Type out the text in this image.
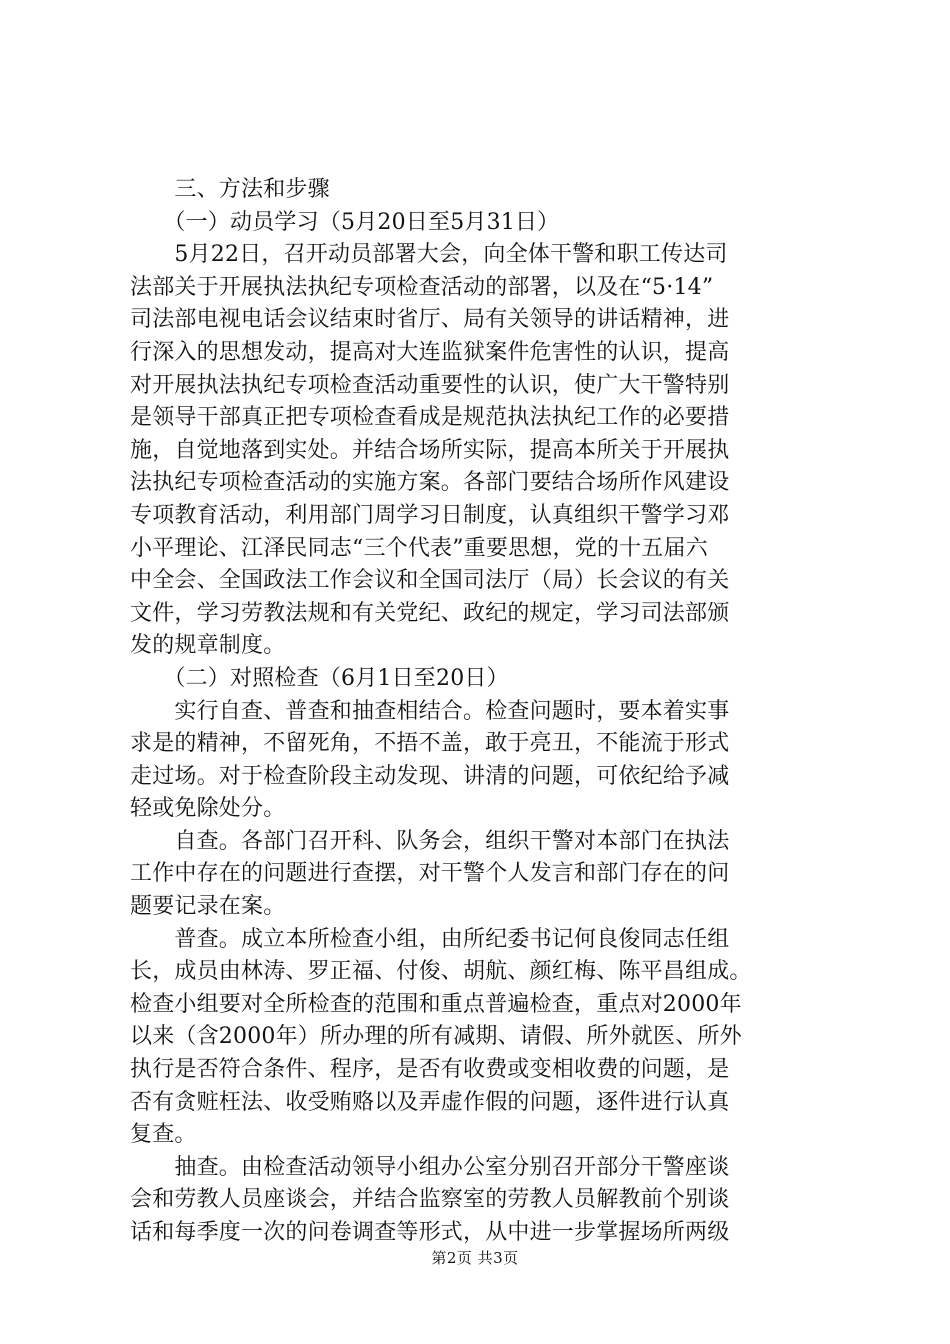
　　三、方法和步骤
　　（一）动员学习（5月20日至5月31日）
　　5月22日，召开动员部署大会，向全体干警和职工传达司
法部关于开展执法执纪专项检查活动的部署，以及在“5·14”
司法部电视电话会议结束时省厅、局有关领导的讲话精神，进
行深入的思想发动，提高对大连监狱案件危害性的认识，提高
对开展执法执纪专项检查活动重要性的认识，使广大干警特别
是领导干部真正把专项检查看成是规范执法执纪工作的必要措
施，自觉地落到实处。并结合场所实际，提高本所关于开展执
法执纪专项检查活动的实施方案。各部门要结合场所作风建设
专项教育活动，利用部门周学习日制度，认真组织干警学习邓
小平理论、江泽民同志“三个代表”重要思想，党的十五届六
中全会、全国政法工作会议和全国司法厅（局）长会议的有关
文件，学习劳教法规和有关党纪、政纪的规定，学习司法部颁
发的规章制度。
　　（二）对照检查（6月1日至20日）
　　实行自查、普查和抽查相结合。检查问题时，要本着实事
求是的精神，不留死角，不捂不盖，敢于亮丑，不能流于形式
走过场。对于检查阶段主动发现、讲清的问题，可依纪给予减
轻或免除处分。
　　自查。各部门召开科、队务会，组织干警对本部门在执法
工作中存在的问题进行查摆，对干警个人发言和部门存在的问
题要记录在案。
　　普查。成立本所检查小组，由所纪委书记何良俊同志任组
长，成员由林涛、罗正福、付俊、胡航、颜红梅、陈平昌组成。
检查小组要对全所检查的范围和重点普遍检查，重点对2000年
以来（含2000年）所办理的所有减期、请假、所外就医、所外
执行是否符合条件、程序，是否有收费或变相收费的问题，是
否有贪赃枉法、收受贿赂以及弄虚作假的问题，逐件进行认真
复查。
　　抽查。由检查活动领导小组办公室分别召开部分干警座谈
会和劳教人员座谈会，并结合监察室的劳教人员解教前个别谈
话和每季度一次的问卷调查等形式，从中进一步掌握场所两级
第2页 共3页
